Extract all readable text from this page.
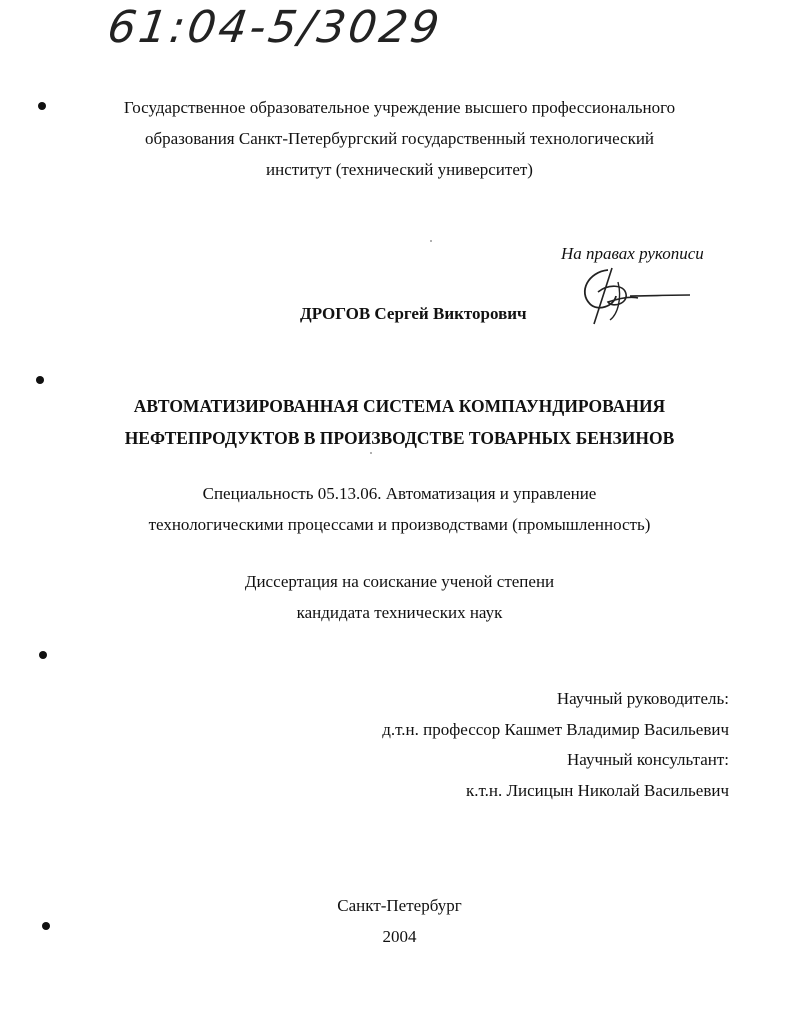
61:04-5/3029
Государственное образовательное учреждение высшего профессионального
образования Санкт-Петербургский государственный технологический
институт (технический университет)
На правах рукописи
ДРОГОВ Сергей Викторович
АВТОМАТИЗИРОВАННАЯ СИСТЕМА КОМПАУНДИРОВАНИЯ
НЕФТЕПРОДУКТОВ В ПРОИЗВОДСТВЕ ТОВАРНЫХ БЕНЗИНОВ
Специальность 05.13.06. Автоматизация и управление
технологическими процессами и производствами (промышленность)
Диссертация на соискание ученой степени
кандидата технических наук
Научный руководитель:
д.т.н. профессор Кашмет Владимир Васильевич
Научный консультант:
к.т.н. Лисицын Николай Васильевич
Санкт-Петербург
2004
